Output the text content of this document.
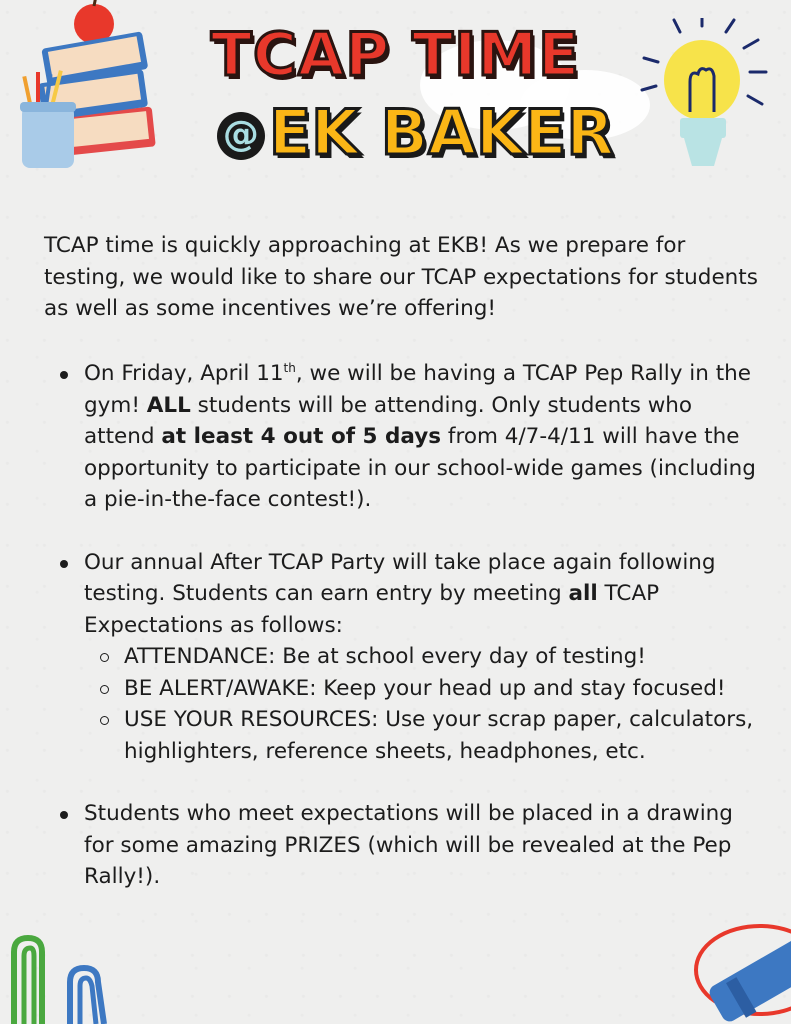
TCAP TIME
@ EK BAKER
TCAP time is quickly approaching at EKB! As we prepare for testing, we would like to share our TCAP expectations for students as well as some incentives we’re offering!
On Friday, April 11th, we will be having a TCAP Pep Rally in the gym! ALL students will be attending. Only students who attend at least 4 out of 5 days from 4/7-4/11 will have the opportunity to participate in our school-wide games (including a pie-in-the-face contest!).
Our annual After TCAP Party will take place again following testing. Students can earn entry by meeting all TCAP Expectations as follows:
ATTENDANCE: Be at school every day of testing!
BE ALERT/AWAKE: Keep your head up and stay focused!
USE YOUR RESOURCES: Use your scrap paper, calculators, highlighters, reference sheets, headphones, etc.
Students who meet expectations will be placed in a drawing for some amazing PRIZES (which will be revealed at the Pep Rally!).
